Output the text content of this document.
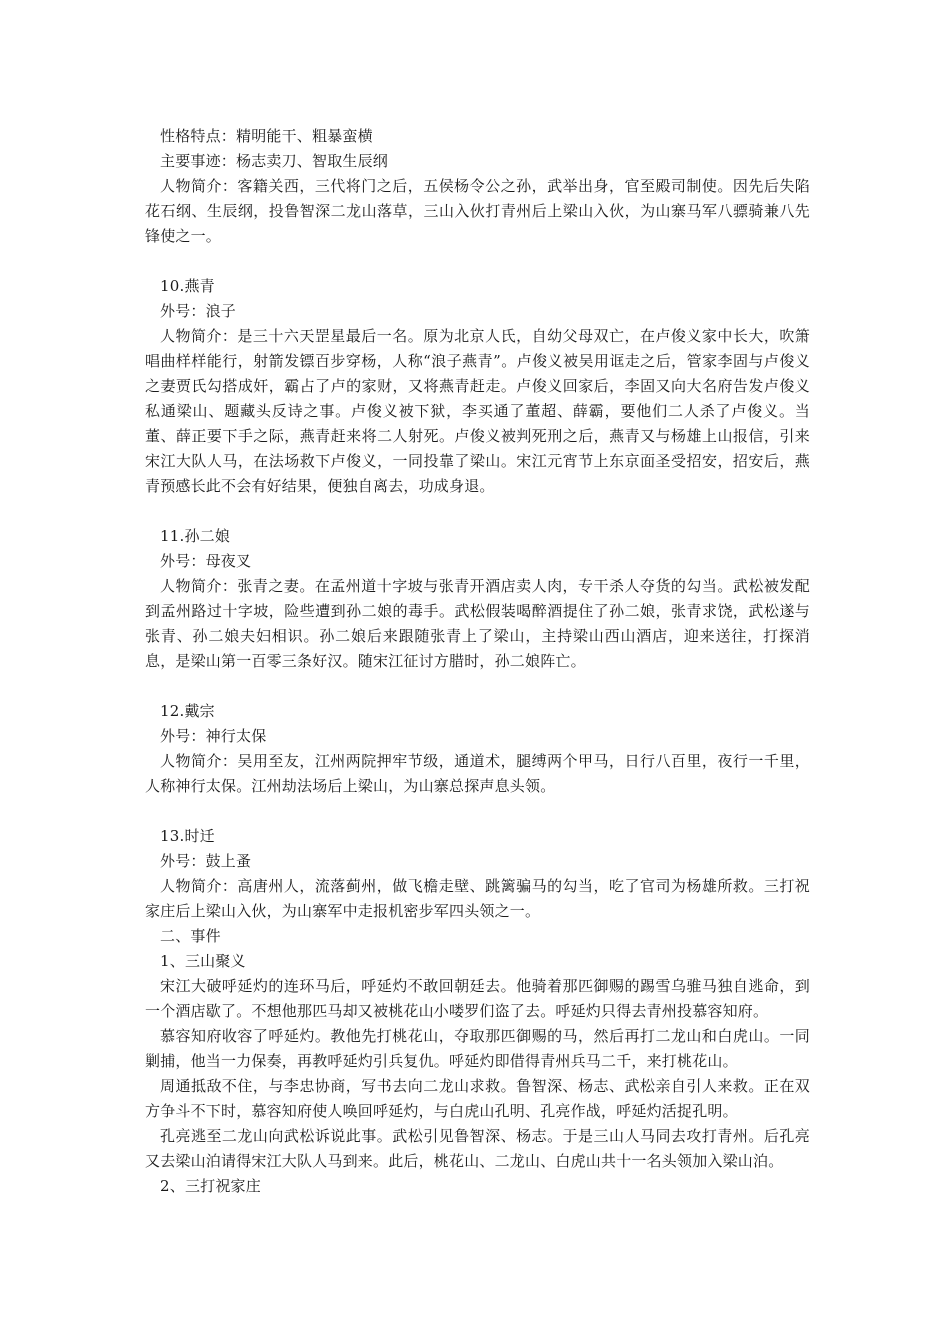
性格特点：精明能干、粗暴蛮横
主要事迹：杨志卖刀、智取生辰纲
人物简介：客籍关西，三代将门之后，五侯杨令公之孙，武举出身，官至殿司制使。因先后失陷花石纲、生辰纲，投鲁智深二龙山落草，三山入伙打青州后上梁山入伙，为山寨马军八骠骑兼八先锋使之一。
10.燕青
外号：浪子
人物简介：是三十六天罡星最后一名。原为北京人氏，自幼父母双亡，在卢俊义家中长大，吹箫唱曲样样能行，射箭发镖百步穿杨，人称“浪子燕青”。卢俊义被吴用诓走之后，管家李固与卢俊义之妻贾氏勾搭成奸，霸占了卢的家财，又将燕青赶走。卢俊义回家后，李固又向大名府告发卢俊义私通梁山、题藏头反诗之事。卢俊义被下狱，李买通了董超、薛霸，要他们二人杀了卢俊义。当董、薛正要下手之际，燕青赶来将二人射死。卢俊义被判死刑之后，燕青又与杨雄上山报信，引来宋江大队人马，在法场救下卢俊义，一同投靠了梁山。宋江元宵节上东京面圣受招安，招安后，燕青预感长此不会有好结果，便独自离去，功成身退。
11.孙二娘
外号：母夜叉
人物简介：张青之妻。在孟州道十字坡与张青开酒店卖人肉，专干杀人夺货的勾当。武松被发配到孟州路过十字坡，险些遭到孙二娘的毒手。武松假装喝醉酒提住了孙二娘，张青求饶，武松遂与张青、孙二娘夫妇相识。孙二娘后来跟随张青上了梁山，主持梁山西山酒店，迎来送往，打探消息，是梁山第一百零三条好汉。随宋江征讨方腊时，孙二娘阵亡。
12.戴宗
外号：神行太保
人物简介：吴用至友，江州两院押牢节级，通道术，腿缚两个甲马，日行八百里，夜行一千里，人称神行太保。江州劫法场后上梁山，为山寨总探声息头领。
13.时迁
外号：鼓上蚤
人物简介：高唐州人，流落蓟州，做飞檐走壁、跳篱骗马的勾当，吃了官司为杨雄所救。三打祝家庄后上梁山入伙，为山寨军中走报机密步军四头领之一。
二、事件
1、三山聚义
宋江大破呼延灼的连环马后，呼延灼不敢回朝廷去。他骑着那匹御赐的踢雪乌骓马独自逃命，到一个酒店歇了。不想他那匹马却又被桃花山小喽罗们盗了去。呼延灼只得去青州投慕容知府。
慕容知府收容了呼延灼。教他先打桃花山，夺取那匹御赐的马，然后再打二龙山和白虎山。一同剿捕，他当一力保奏，再教呼延灼引兵复仇。呼延灼即借得青州兵马二千，来打桃花山。
周通抵敌不住，与李忠协商，写书去向二龙山求救。鲁智深、杨志、武松亲自引人来救。正在双方争斗不下时，慕容知府使人唤回呼延灼，与白虎山孔明、孔亮作战，呼延灼活捉孔明。
孔亮逃至二龙山向武松诉说此事。武松引见鲁智深、杨志。于是三山人马同去攻打青州。后孔亮又去梁山泊请得宋江大队人马到来。此后，桃花山、二龙山、白虎山共十一名头领加入梁山泊。
2、三打祝家庄
